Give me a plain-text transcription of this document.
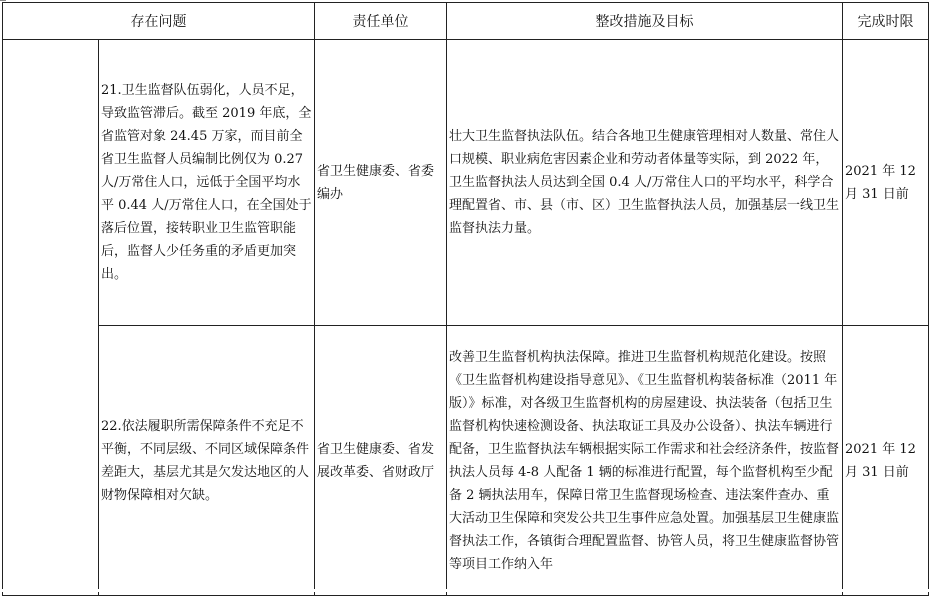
存在问题		责任单位	整改措施及目标	完成时限
	21.卫生监督队伍弱化，人员不足，导致监管滞后。截至 2019 年底，全省监管对象 24.45 万家，而目前全省卫生监督人员编制比例仅为 0.27 人/万常住人口，远低于全国平均水平 0.44 人/万常住人口，在全国处于落后位置，接转职业卫生监管职能后，监督人少任务重的矛盾更加突出。	省卫生健康委、省委编办	壮大卫生监督执法队伍。结合各地卫生健康管理相对人数量、常住人口规模、职业病危害因素企业和劳动者体量等实际，到 2022 年，卫生监督执法人员达到全国 0.4 人/万常住人口的平均水平，科学合理配置省、市、县（市、区）卫生监督执法人员，加强基层一线卫生监督执法力量。	2021 年 12 月 31 日前
	22.依法履职所需保障条件不充足不平衡，不同层级、不同区域保障条件差距大，基层尤其是欠发达地区的人财物保障相对欠缺。	省卫生健康委、省发展改革委、省财政厅	改善卫生监督机构执法保障。推进卫生监督机构规范化建设。按照《卫生监督机构建设指导意见》、《卫生监督机构装备标准（2011 年版）》标准，对各级卫生监督机构的房屋建设、执法装备（包括卫生监督机构快速检测设备、执法取证工具及办公设备）、执法车辆进行配备，卫生监督执法车辆根据实际工作需求和社会经济条件，按监督执法人员每 4-8 人配备 1 辆的标准进行配置，每个监督机构至少配备 2 辆执法用车，保障日常卫生监督现场检查、违法案件查办、重大活动卫生保障和突发公共卫生事件应急处置。加强基层卫生健康监督执法工作，各镇街合理配置监督、协管人员，将卫生健康监督协管等项目工作纳入年	2021 年 12 月 31 日前
